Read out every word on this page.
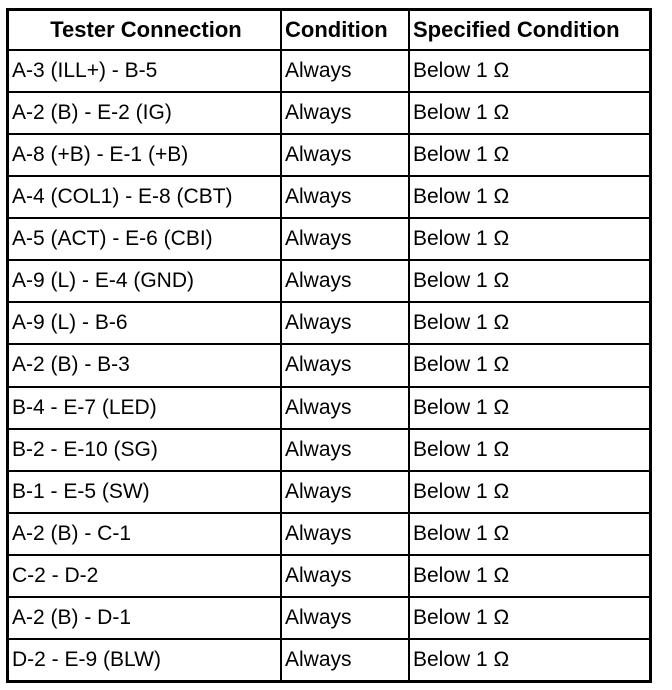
Tester Connection	Condition	Specified Condition
A-3 (ILL+) - B-5	Always	Below 1 Ω
A-2 (B) - E-2 (IG)	Always	Below 1 Ω
A-8 (+B) - E-1 (+B)	Always	Below 1 Ω
A-4 (COL1) - E-8 (CBT)	Always	Below 1 Ω
A-5 (ACT) - E-6 (CBI)	Always	Below 1 Ω
A-9 (L) - E-4 (GND)	Always	Below 1 Ω
A-9 (L) - B-6	Always	Below 1 Ω
A-2 (B) - B-3	Always	Below 1 Ω
B-4 - E-7 (LED)	Always	Below 1 Ω
B-2 - E-10 (SG)	Always	Below 1 Ω
B-1 - E-5 (SW)	Always	Below 1 Ω
A-2 (B) - C-1	Always	Below 1 Ω
C-2 - D-2	Always	Below 1 Ω
A-2 (B) - D-1	Always	Below 1 Ω
D-2 - E-9 (BLW)	Always	Below 1 Ω
